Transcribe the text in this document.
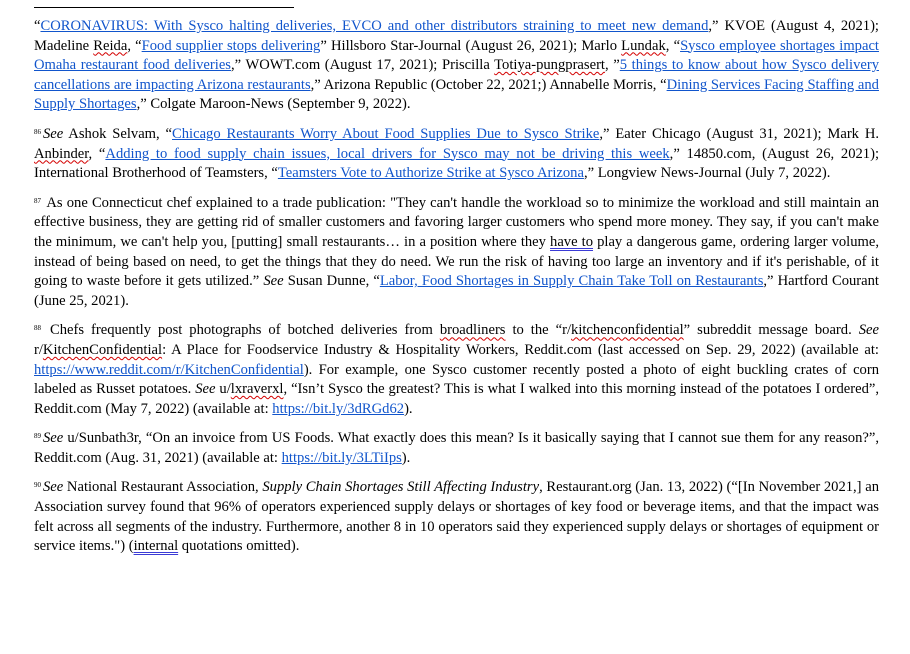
“CORONAVIRUS: With Sysco halting deliveries, EVCO and other distributors straining to meet new demand,” KVOE (August 4, 2021); Madeline Reida, “Food supplier stops delivering” Hillsboro Star-Journal (August 26, 2021); Marlo Lundak, “Sysco employee shortages impact Omaha restaurant food deliveries,” WOWT.com (August 17, 2021); Priscilla Totiya-pungprasert, ”5 things to know about how Sysco delivery cancellations are impacting Arizona restaurants,” Arizona Republic (October 22, 2021;) Annabelle Morris, “Dining Services Facing Staffing and Supply Shortages,” Colgate Maroon-News (September 9, 2022).

$^{86}$ See Ashok Selvam, “Chicago Restaurants Worry About Food Supplies Due to Sysco Strike,” Eater Chicago (August 31, 2021); Mark H. Anbinder, “Adding to food supply chain issues, local drivers for Sysco may not be driving this week,” 14850.com, (August 26, 2021); International Brotherhood of Teamsters, “Teamsters Vote to Authorize Strike at Sysco Arizona,” Longview News-Journal (July 7, 2022).

$^{87}$ As one Connecticut chef explained to a trade publication: "They can't handle the workload so to minimize the workload and still maintain an effective business, they are getting rid of smaller customers and favoring larger customers who spend more money. They say, if you can't make the minimum, we can't help you, [putting] small restaurants… in a position where they have to play a dangerous game, ordering larger volume, instead of being based on need, to get the things that they do need. We run the risk of having too large an inventory and if it's perishable, of it going to waste before it gets utilized.” See Susan Dunne, “Labor, Food Shortages in Supply Chain Take Toll on Restaurants,” Hartford Courant (June 25, 2021).

$^{88}$ Chefs frequently post photographs of botched deliveries from broadliners to the “r/kitchenconfidential” subreddit message board. See r/KitchenConfidential: A Place for Foodservice Industry & Hospitality Workers, Reddit.com (last accessed on Sep. 29, 2022) (available at: https://www.reddit.com/r/KitchenConfidential). For example, one Sysco customer recently posted a photo of eight buckling crates of corn labeled as Russet potatoes. See u/lxraverxl, “Isn’t Sysco the greatest? This is what I walked into this morning instead of the potatoes I ordered”, Reddit.com (May 7, 2022) (available at: https://bit.ly/3dRGd62).

$^{89}$ See u/Sunbath3r, “On an invoice from US Foods. What exactly does this mean? Is it basically saying that I cannot sue them for any reason?”, Reddit.com (Aug. 31, 2021) (available at: https://bit.ly/3LTiIps).

$^{90}$ See National Restaurant Association, Supply Chain Shortages Still Affecting Industry, Restaurant.org (Jan. 13, 2022) (“[In November 2021,] an Association survey found that 96% of operators experienced supply delays or shortages of key food or beverage items, and that the impact was felt across all segments of the industry. Furthermore, another 8 in 10 operators said they experienced supply delays or shortages of equipment or service items.") (internal quotations omitted).
